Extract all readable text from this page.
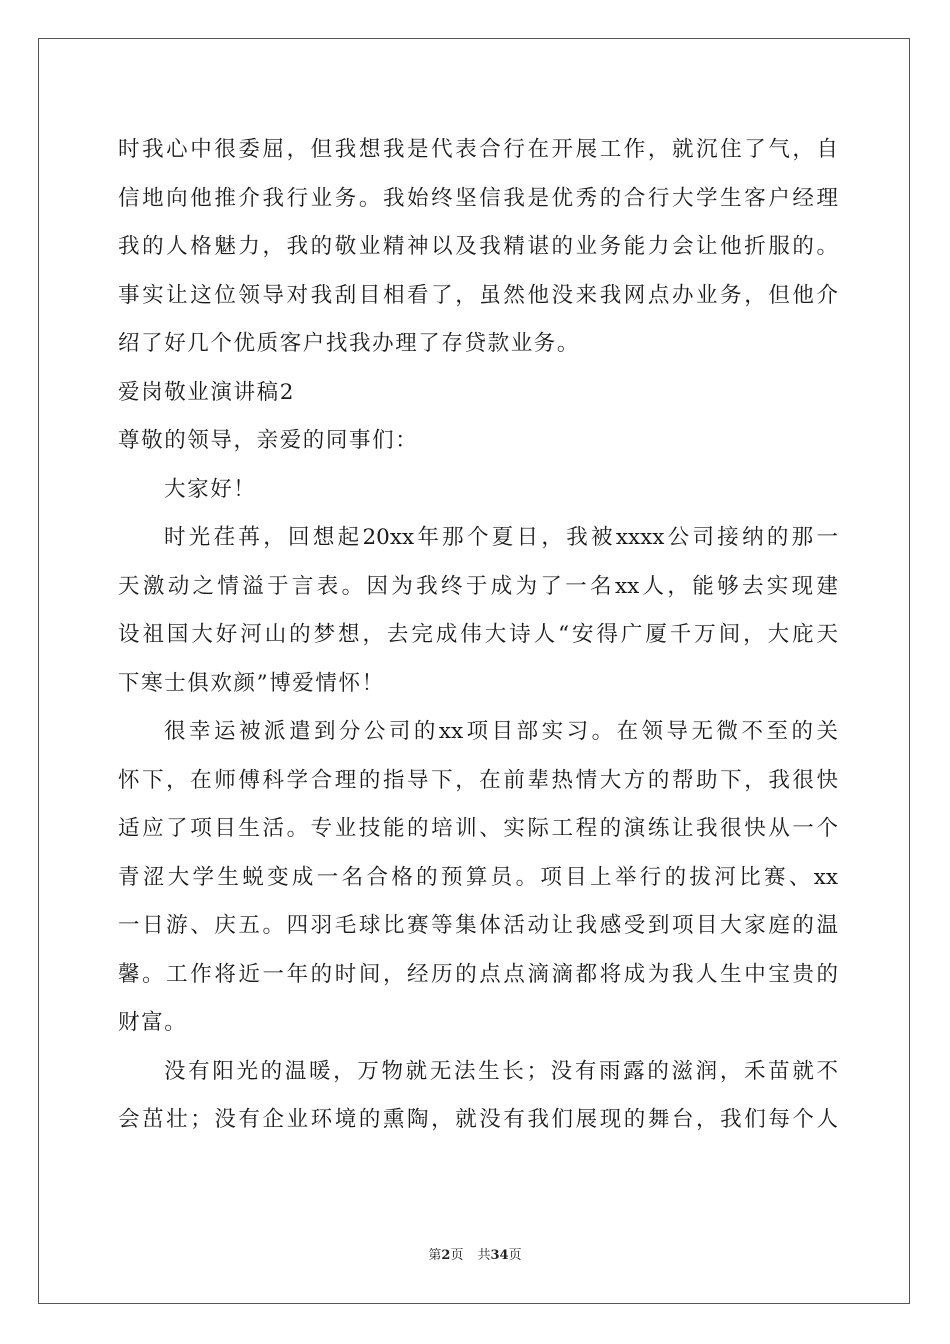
时我心中很委屈，但我想我是代表合行在开展工作，就沉住了气，自
信地向他推介我行业务。我始终坚信我是优秀的合行大学生客户经理
我的人格魅力，我的敬业精神以及我精谌的业务能力会让他折服的。
事实让这位领导对我刮目相看了，虽然他没来我网点办业务，但他介
绍了好几个优质客户找我办理了存贷款业务。
爱岗敬业演讲稿2
尊敬的领导，亲爱的同事们：
大家好！
时光荏苒，回想起20xx年那个夏日，我被xxxx公司接纳的那一
天激动之情溢于言表。因为我终于成为了一名xx人，能够去实现建
设祖国大好河山的梦想，去完成伟大诗人“安得广厦千万间，大庇天
下寒士俱欢颜”博爱情怀！
很幸运被派遣到分公司的xx项目部实习。在领导无微不至的关
怀下，在师傅科学合理的指导下，在前辈热情大方的帮助下，我很快
适应了项目生活。专业技能的培训、实际工程的演练让我很快从一个
青涩大学生蜕变成一名合格的预算员。项目上举行的拔河比赛、xx
一日游、庆五。四羽毛球比赛等集体活动让我感受到项目大家庭的温
馨。工作将近一年的时间，经历的点点滴滴都将成为我人生中宝贵的
财富。
没有阳光的温暖，万物就无法生长；没有雨露的滋润，禾苗就不
会茁壮；没有企业环境的熏陶，就没有我们展现的舞台，我们每个人
第2页 共34页
